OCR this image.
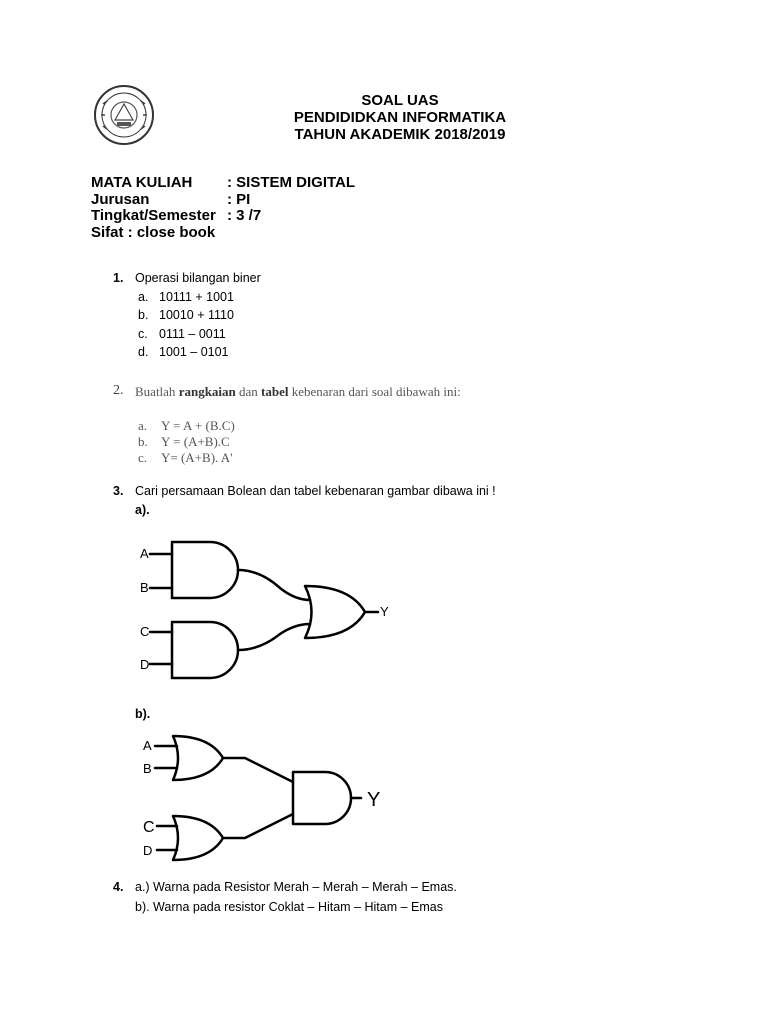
SOAL UAS
PENDIDIDKAN INFORMATIKA
TAHUN AKADEMIK 2018/2019
MATA KULIAH : SISTEM DIGITAL
Jurusan	: PI
Tingkat/Semester : 3 /7
Sifat : close book
1. Operasi bilangan biner
a. 10111 + 1001
b. 10010 + 1110
c. 0111 – 0011
d. 1001 – 0101
2. Buatlah rangkaian dan tabel kebenaran dari soal dibawah ini:
a. Y = A + (B.C)
b. Y = (A+B).C
c. Y= (A+B). A'
3. Cari persamaan Bolean dan tabel kebenaran gambar dibawa ini !
a).
A
B
C
D
Y
b).
A
B
C
D
Y
4. a.) Warna pada Resistor Merah – Merah – Merah – Emas.
b). Warna pada resistor Coklat – Hitam – Hitam – Emas
